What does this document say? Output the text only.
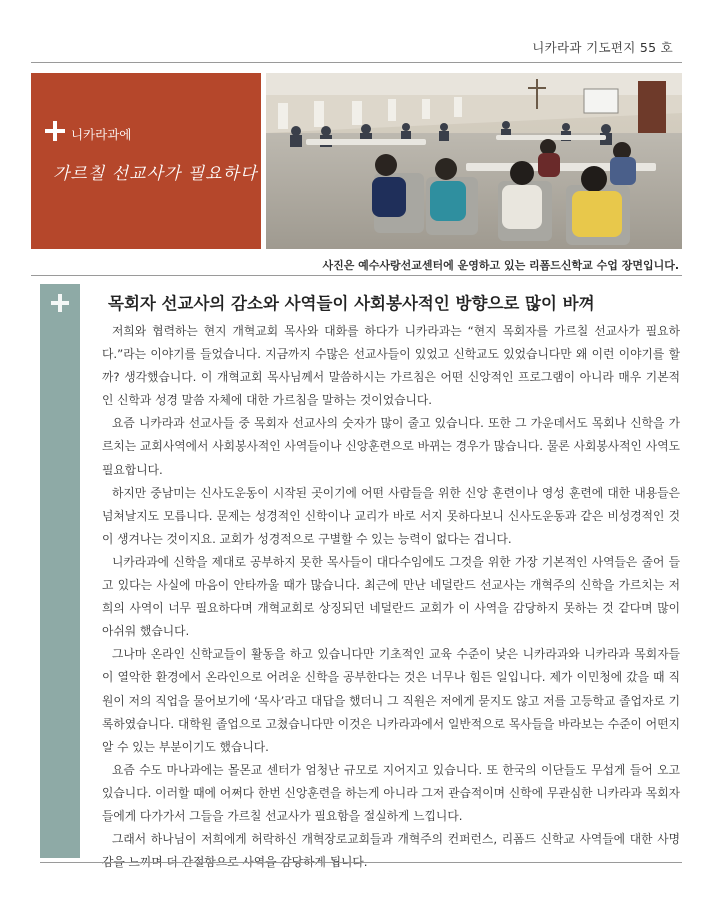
니카라과 기도편지 55 호
니카라과에
가르칠 선교사가 필요하다
사진은 예수사랑선교센터에 운영하고 있는 리폼드신학교 수업 장면입니다.
목회자 선교사의 감소와 사역들이 사회봉사적인 방향으로 많이 바껴

저희와 협력하는 현지 개혁교회 목사와 대화를 하다가 니카라과는 “현지 목회자를 가르칠 선교사가 필요하다.”라는 이야기를 들었습니다. 지금까지 수많은 선교사들이 있었고 신학교도 있었습니다만 왜 이런 이야기를 할까? 생각했습니다. 이 개혁교회 목사님께서 말씀하시는 가르침은 어떤 신앙적인 프로그램이 아니라 매우 기본적인 신학과 성경 말씀 자체에 대한 가르침을 말하는 것이었습니다.

요즘 니카라과 선교사들 중 목회자 선교사의 숫자가 많이 줄고 있습니다. 또한 그 가운데서도 목회나 신학을 가르치는 교회사역에서 사회봉사적인 사역들이나 신앙훈련으로 바뀌는 경우가 많습니다. 물론 사회봉사적인 사역도 필요합니다.

하지만 중남미는 신사도운동이 시작된 곳이기에 어떤 사람들을 위한 신앙 훈련이나 영성 훈련에 대한 내용들은 넘쳐날지도 모릅니다. 문제는 성경적인 신학이나 교리가 바로 서지 못하다보니 신사도운동과 같은 비성경적인 것이 생겨나는 것이지요. 교회가 성경적으로 구별할 수 있는 능력이 없다는 겁니다.

니카라과에 신학을 제대로 공부하지 못한 목사들이 대다수임에도 그것을 위한 가장 기본적인 사역들은 줄어 들고 있다는 사실에 마음이 안타까울 때가 많습니다. 최근에 만난 네덜란드 선교사는 개혁주의 신학을 가르치는 저희의 사역이 너무 필요하다며 개혁교회로 상징되던 네덜란드 교회가 이 사역을 감당하지 못하는 것 같다며 많이 아쉬워 했습니다.

그나마 온라인 신학교들이 활동을 하고 있습니다만 기초적인 교육 수준이 낮은 니카라과와 니카라과 목회자들이 열악한 환경에서 온라인으로 어려운 신학을 공부한다는 것은 너무나 힘든 일입니다. 제가 이민청에 갔을 때 직원이 저의 직업을 물어보기에 ‘목사’라고 대답을 했더니 그 직원은 저에게 묻지도 않고 저를 고등학교 졸업자로 기록하였습니다. 대학원 졸업으로 고쳤습니다만 이것은 니카라과에서 일반적으로 목사들을 바라보는 수준이 어떤지 알 수 있는 부분이기도 했습니다.

요즘 수도 마나과에는 몰몬교 센터가 엄청난 규모로 지어지고 있습니다. 또 한국의 이단들도 무섭게 들어 오고 있습니다. 이러할 때에 어쩌다 한번 신앙훈련을 하는게 아니라 그저 관습적이며 신학에 무관심한 니카라과 목회자들에게 다가가서 그들을 가르칠 선교사가 필요함을 절실하게 느낍니다.

그래서 하나님이 저희에게 허락하신 개혁장로교회들과 개혁주의 컨퍼런스, 리폼드 신학교 사역들에 대한 사명감을 느끼며 더 간절함으로 사역을 감당하게 됩니다.
